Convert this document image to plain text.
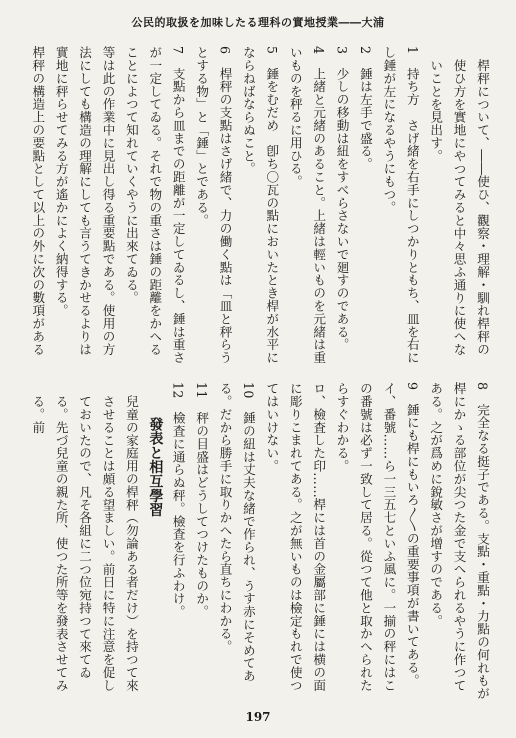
公民的取扱を加味したる理科の實地授業――大浦

桿秤について、――使ひ、觀察・理解・馴れ桿秤の使ひ方を實地にやつてみると中々思ふ通りに使へないことを見出す。

1　持ち方　さげ緒を右手にしつかりともち、皿を右にし錘が左になるやうにもつ。

2　錘は左手で盛る。

3　少しの移動は紐をすべらさないで廻すのである。

4　上緒と元緒のあること。上緒は輕いものを元緒は重いものを秤るに用ひる。

5　錘をむだめ　卽ち〇瓦の點においたとき桿が水平にならねばならぬこと。

6　桿秤の支點はさげ緒で、力の働く點は「皿と秤らうとする物」と「錘」とである。

7　支點から皿までの距離が一定してゐるし、錘は重さが一定してゐる。それで物の重さは錘の距離をかへることによつて知れていくやうに出來てゐる。

等は此の作業中に見出し得る重要點である。使用の方法にしても構造の理解にしても言うてきかせるよりは實地に秤らせてみる方が遙かによく納得する。

桿秤の構造上の要點として以上の外に次の數項がある

8　完全なる挺子である。支點・重點・力點の何れもが桿にかゝる部位が尖つた金で支へられるやうに作つてある。之が爲めに銳敏さが增すのである。

9　錘にも桿にもいろ〳〵の重要事項が書いてある。イ、番號……ら一三五七といふ風に。一揃の秤にはこの番號は必ず一致して居る。從つて他と取かへられたらすぐわかる。

ロ、檢査した印……桿には首の金屬部に錘には横の面に彫りこまれてある。之が無いものは檢定もれで使つてはいけない。

10　錘の紐は丈夫な緒で作られ、うす赤にそめてある。だから勝手に取りかへたら直ちにわかる。

11　秤の目盛はどうしてつけたものか。

12　檢査に通らぬ秤。檢査を行ふわけ。

發表と相互學習

兒童の家庭用の桿秤（勿論ある者だけ）を持つて來させることは頗る望ましい。前日に特に注意を促しておいたので、凡そ各組に二つ位宛持つて來てゐる。先づ兒童の親た所、使つた所等を發表させてみる。前

197
